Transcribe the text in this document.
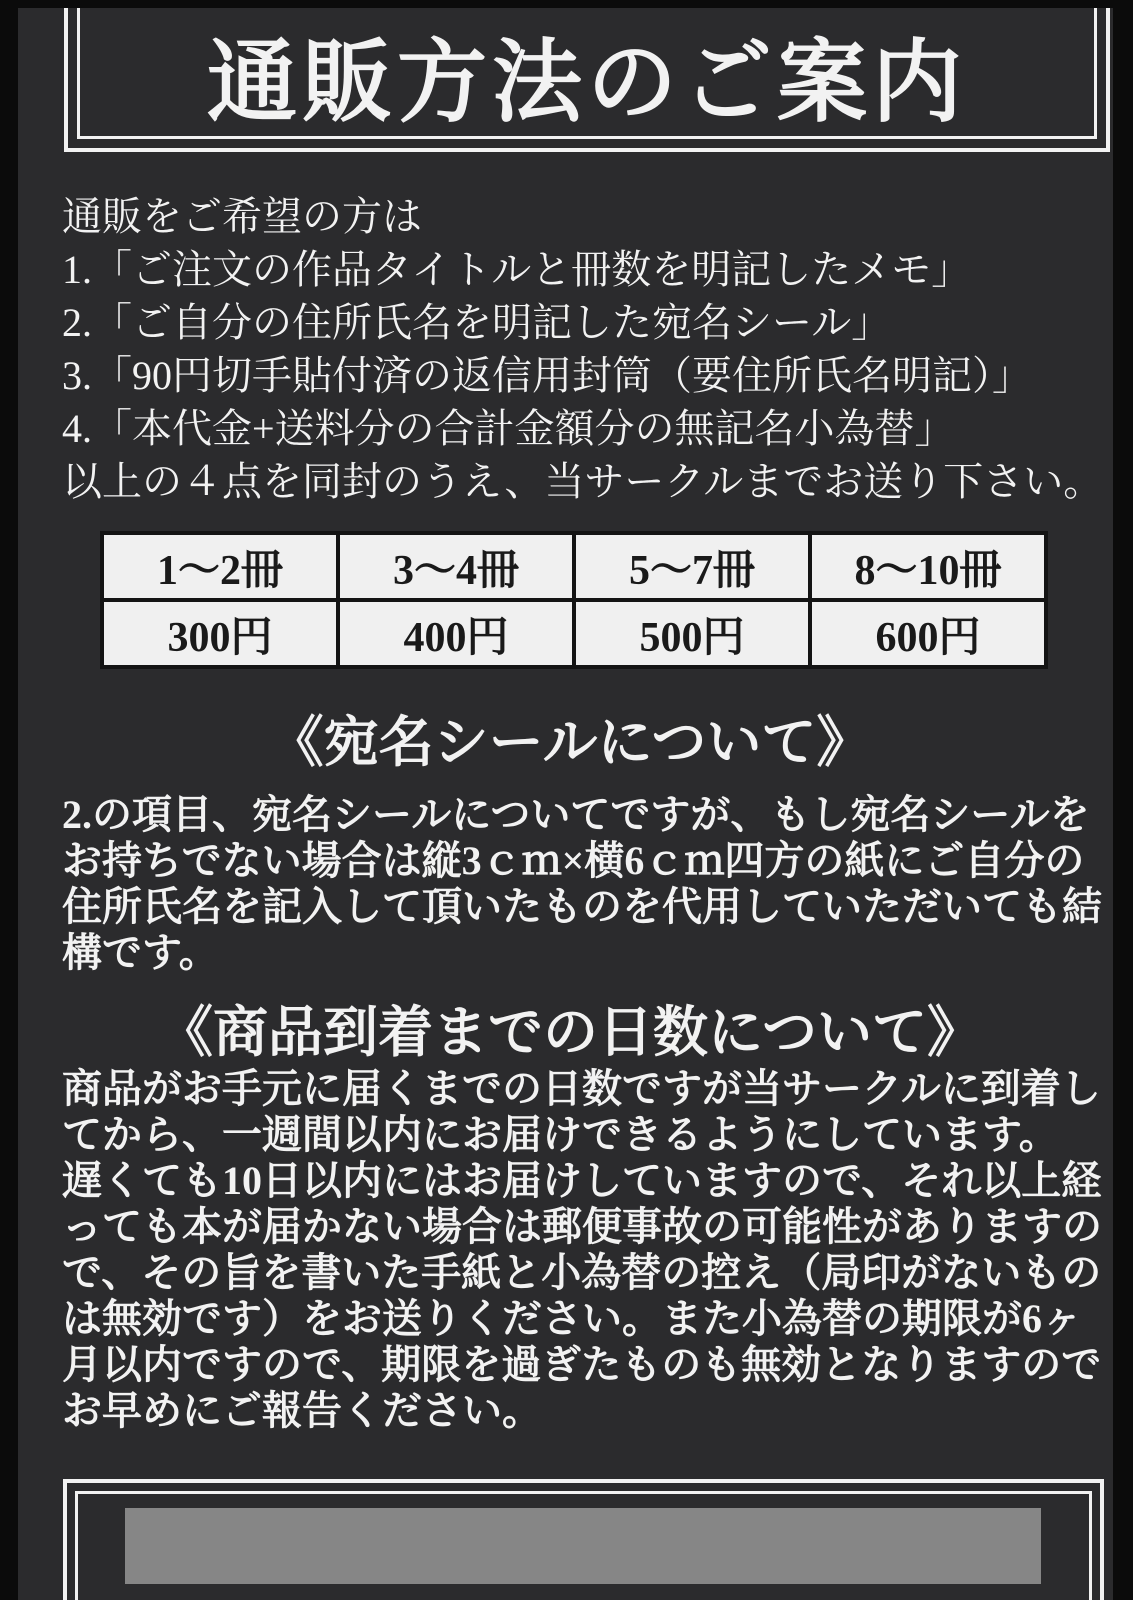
通販方法のご案内
通販をご希望の方は
1.「ご注文の作品タイトルと冊数を明記したメモ」
2.「ご自分の住所氏名を明記した宛名シール」
3.「90円切手貼付済の返信用封筒（要住所氏名明記）」
4.「本代金+送料分の合計金額分の無記名小為替」
以上の４点を同封のうえ、当サークルまでお送り下さい。
1～2冊	3～4冊	5～7冊	8～10冊
300円	400円	500円	600円
《宛名シールについて》
2.の項目、宛名シールについてですが、もし宛名シールを
お持ちでない場合は縦3ｃｍ×横6ｃｍ四方の紙にご自分の
住所氏名を記入して頂いたものを代用していただいても結
構です。
《商品到着までの日数について》
商品がお手元に届くまでの日数ですが当サークルに到着し
てから、一週間以内にお届けできるようにしています。
遅くても10日以内にはお届けしていますので、それ以上経
っても本が届かない場合は郵便事故の可能性がありますの
で、その旨を書いた手紙と小為替の控え（局印がないもの
は無効です）をお送りください。また小為替の期限が6ヶ
月以内ですので、期限を過ぎたものも無効となりますので
お早めにご報告ください。
